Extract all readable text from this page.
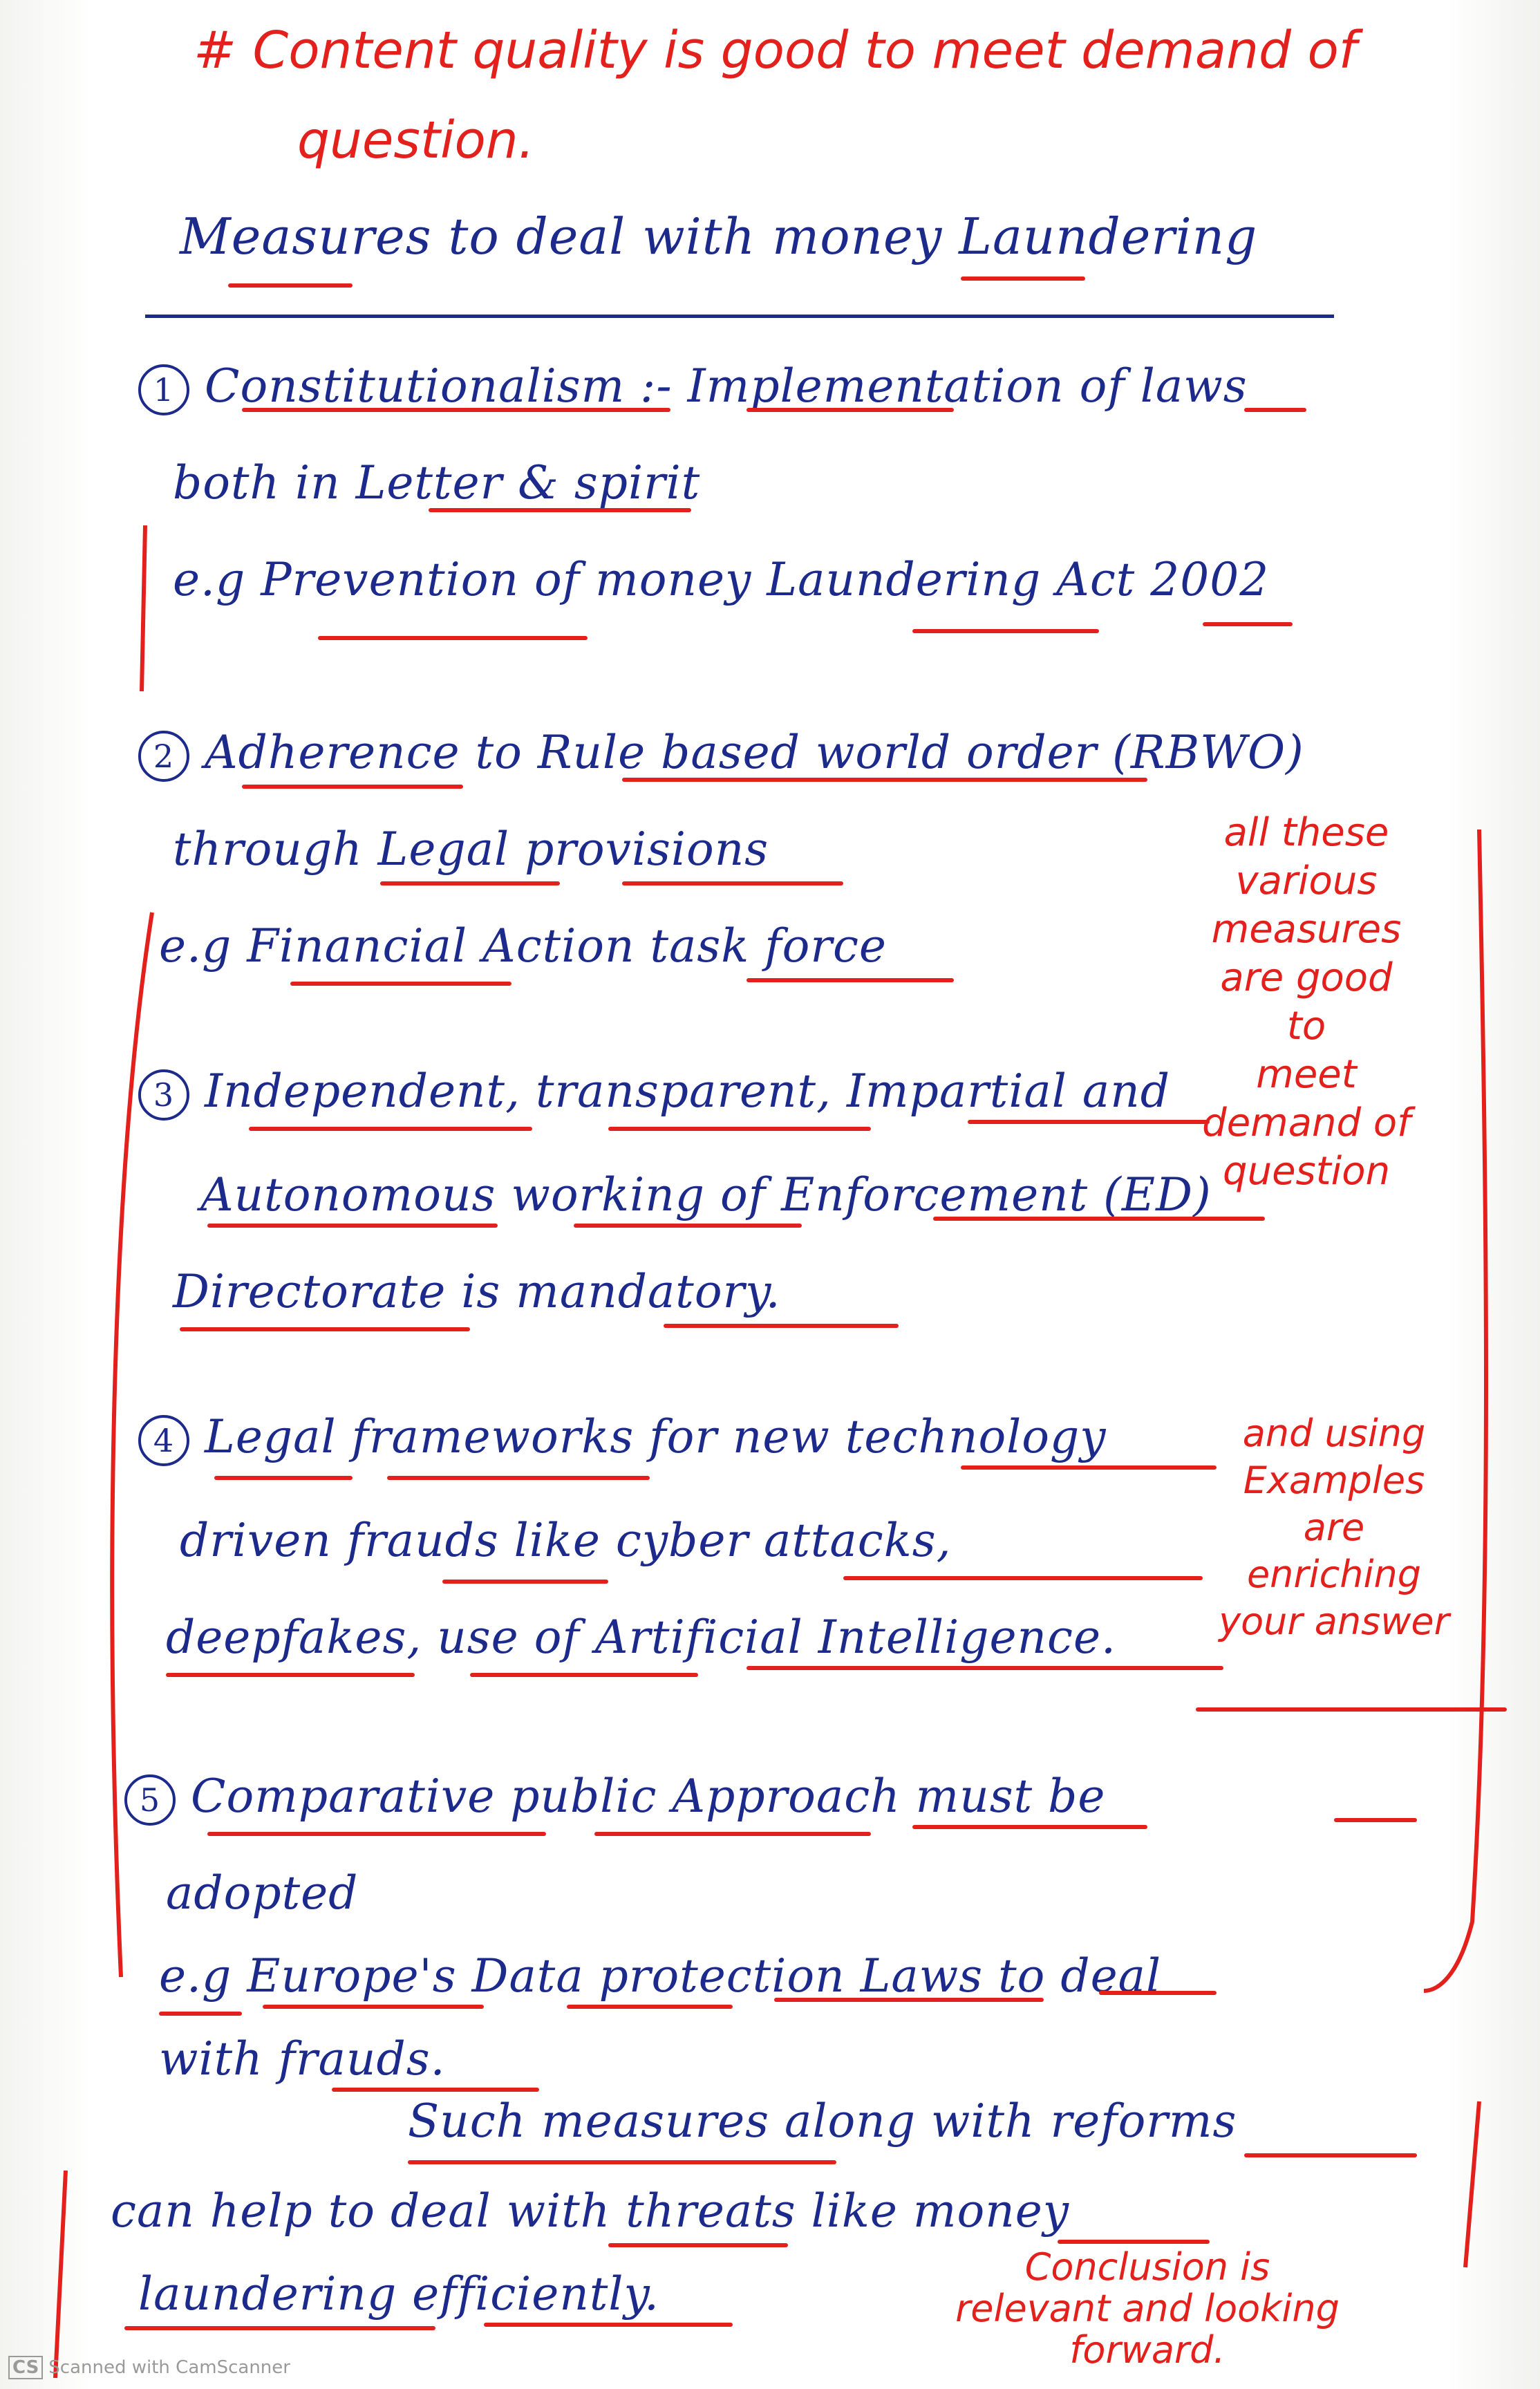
# Content quality is good to meet demand of
question.
Measures to deal with money Laundering
1 Constitutionalism :- Implementation of laws
both in Letter & spirit
e.g Prevention of money Laundering Act 2002
2 Adherence to Rule based world order (RBWO)
through Legal provisions
e.g Financial Action task force
3 Independent, transparent, Impartial and
Autonomous working of Enforcement (ED)
Directorate is mandatory.
4 Legal frameworks for new technology
driven frauds like cyber attacks,
deepfakes, use of Artificial Intelligence.
5 Comparative public Approach must be
adopted
e.g Europe's Data protection Laws to deal
with frauds.
Such measures along with reforms
can help to deal with threats like money
laundering efficiently.
all these
various
measures
are good
to
meet
demand of
question
and using
Examples
are
enriching
your answer
Conclusion is
relevant and looking
forward.
CS Scanned with CamScanner
